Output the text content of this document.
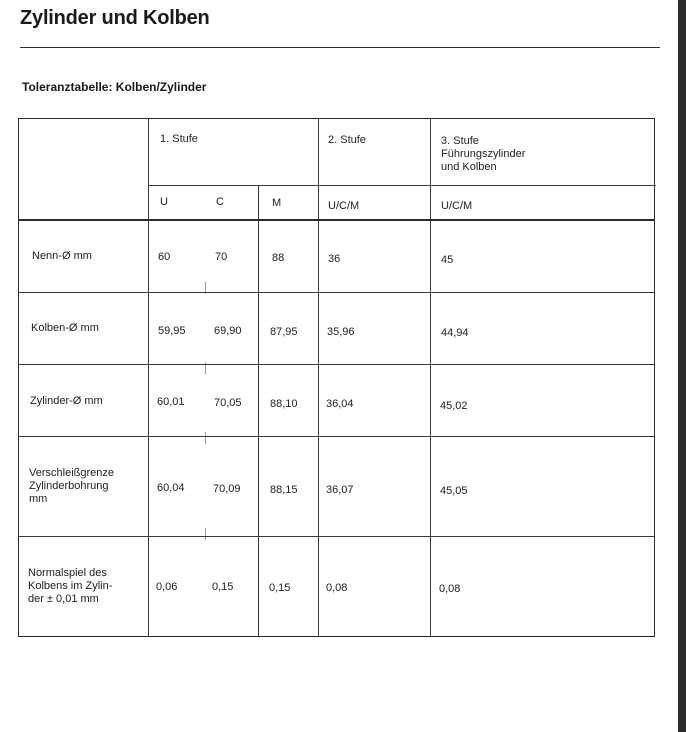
Zylinder und Kolben
Toleranztabelle: Kolben/Zylinder
1. Stufe	2. Stufe	3. Stufe
Führungszylinder
und Kolben
U	C	M	U/C/M	U/C/M
Nenn-Ø mm	60	70	88	36	45
Kolben-Ø mm	59,95	69,90	87,95	35,96	44,94
Zylinder-Ø mm	60,01	70,05	88,10	36,04	45,02
Verschleißgrenze
Zylinderbohrung
mm
60,04	70,09	88,15	36,07	45,05
Normalspiel des
Kolbens im Zylin-
der ± 0,01 mm
0,06	0,15	0,15	0,08	0,08
